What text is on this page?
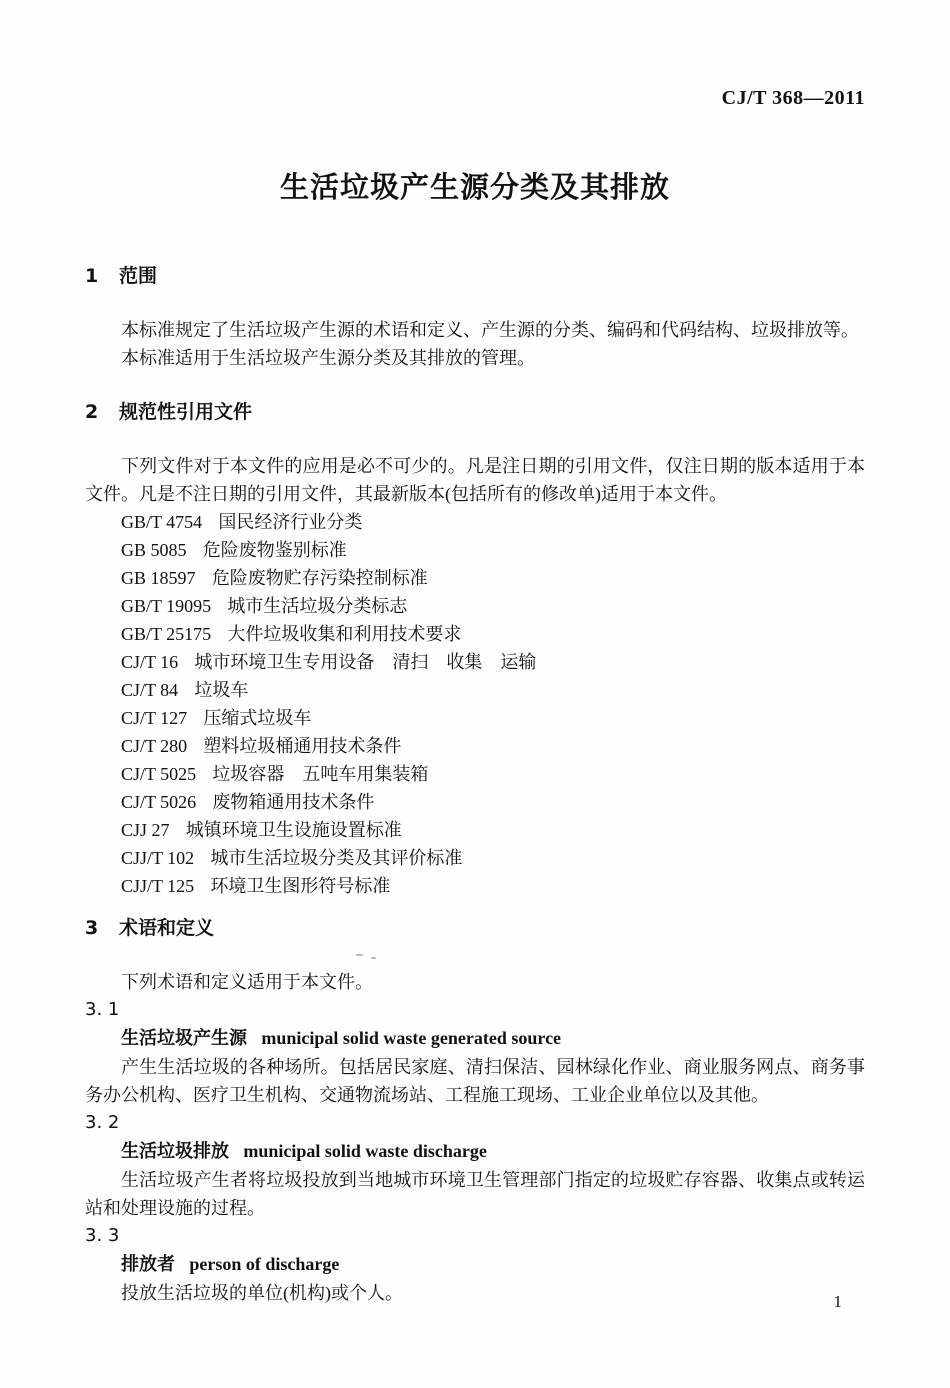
CJ/T 368—2011
生活垃圾产生源分类及其排放
1 范围

本标准规定了生活垃圾产生源的术语和定义、产生源的分类、编码和代码结构、垃圾排放等。

本标准适用于生活垃圾产生源分类及其排放的管理。

2 规范性引用文件

下列文件对于本文件的应用是必不可少的。凡是注日期的引用文件，仅注日期的版本适用于本文件。凡是不注日期的引用文件，其最新版本(包括所有的修改单)适用于本文件。

GB/T 4754 国民经济行业分类
GB 5085 危险废物鉴别标准
GB 18597 危险废物贮存污染控制标准
GB/T 19095 城市生活垃圾分类标志
GB/T 25175 大件垃圾收集和利用技术要求
CJ/T 16 城市环境卫生专用设备　清扫　收集　运输
CJ/T 84 垃圾车
CJ/T 127 压缩式垃圾车
CJ/T 280 塑料垃圾桶通用技术条件
CJ/T 5025 垃圾容器　五吨车用集装箱
CJ/T 5026 废物箱通用技术条件
CJJ 27 城镇环境卫生设施设置标准
CJJ/T 102 城市生活垃圾分类及其评价标准
CJJ/T 125 环境卫生图形符号标准
3 术语和定义

下列术语和定义适用于本文件。

3. 1
生活垃圾产生源 municipal solid waste generated source

产生生活垃圾的各种场所。包括居民家庭、清扫保洁、园林绿化作业、商业服务网点、商务事务办公机构、医疗卫生机构、交通物流场站、工程施工现场、工业企业单位以及其他。

3. 2
生活垃圾排放 municipal solid waste discharge

生活垃圾产生者将垃圾投放到当地城市环境卫生管理部门指定的垃圾贮存容器、收集点或转运站和处理设施的过程。

3. 3
排放者 person of discharge

投放生活垃圾的单位(机构)或个人。	1
